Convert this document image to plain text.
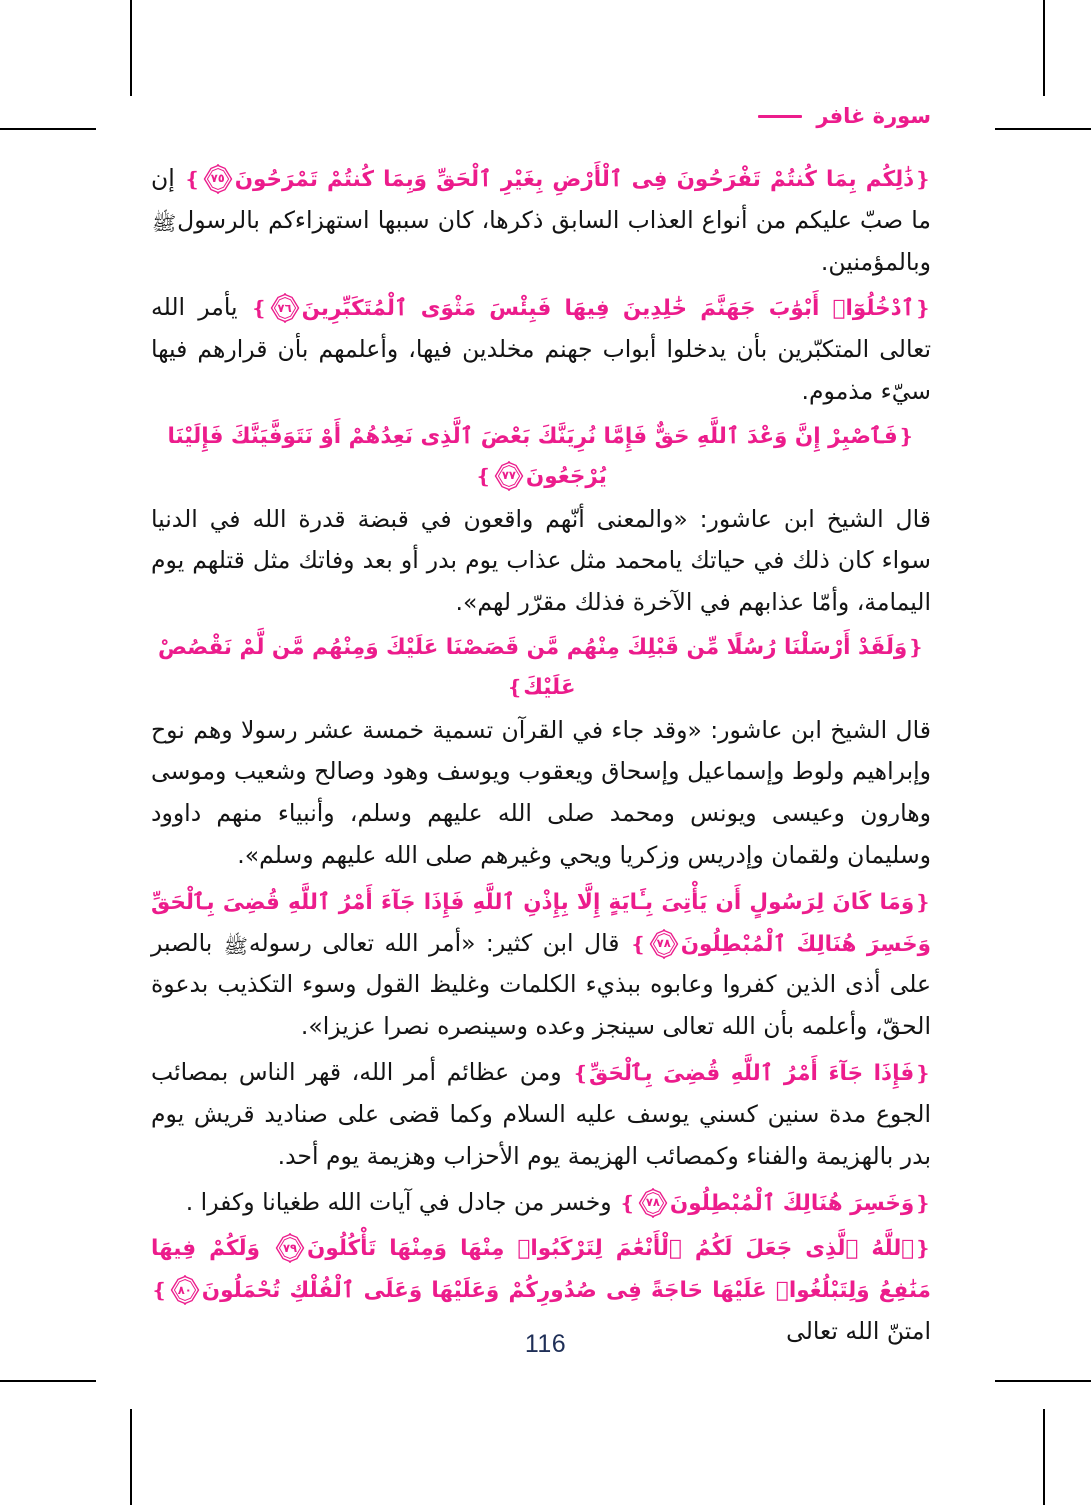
سورة غافر

❴ذَٰلِكُم بِمَا كُنتُمْ تَفْرَحُونَ فِى ٱلْأَرْضِ بِغَيْرِ ٱلْحَقِّ وَبِمَا كُنتُمْ تَمْرَحُونَ
٧٥
❵ إن ما صبّ عليكم من أنواع العذاب السابق ذكرها، كان سببها استهزاءكم بالرسولﷺ وبالمؤمنين.

❴ٱدْخُلُوٓا۟ أَبْوَٰبَ جَهَنَّمَ خَٰلِدِينَ فِيهَا فَبِئْسَ مَثْوَى ٱلْمُتَكَبِّرِينَ
٧٦
❵ يأمر الله تعالى المتكبّرين بأن يدخلوا أبواب جهنم مخلدين فيها، وأعلمهم بأن قرارهم فيها سيّء مذموم.

❴فَٱصْبِرْ إِنَّ وَعْدَ ٱللَّهِ حَقٌّ فَإِمَّا نُرِيَنَّكَ بَعْضَ ٱلَّذِى نَعِدُهُمْ أَوْ نَتَوَفَّيَنَّكَ فَإِلَيْنَا يُرْجَعُونَ
٧٧
❵
قال الشيخ ابن عاشور: «والمعنى أنّهم واقعون في قبضة قدرة الله في الدنيا سواء كان ذلك في حياتك يامحمد مثل عذاب يوم بدر أو بعد وفاتك مثل قتلهم يوم اليمامة، وأمّا عذابهم في الآخرة فذلك مقرّر لهم».

❴وَلَقَدْ أَرْسَلْنَا رُسُلًا مِّن قَبْلِكَ مِنْهُم مَّن قَصَصْنَا عَلَيْكَ وَمِنْهُم مَّن لَّمْ نَقْصُصْ عَلَيْكَ❵
قال الشيخ ابن عاشور: «وقد جاء في القرآن تسمية خمسة عشر رسولا وهم نوح وإبراهيم ولوط وإسماعيل وإسحاق ويعقوب ويوسف وهود وصالح وشعيب وموسى وهارون وعيسى ويونس ومحمد صلى الله عليهم وسلم، وأنبياء منهم داوود وسليمان ولقمان وإدريس وزكريا ويحي وغيرهم صلى الله عليهم وسلم».

❴وَمَا كَانَ لِرَسُولٍ أَن يَأْتِىَ بِـَٔايَةٍ إِلَّا بِإِذْنِ ٱللَّهِ فَإِذَا جَآءَ أَمْرُ ٱللَّهِ قُضِىَ بِٱلْحَقِّ وَخَسِرَ هُنَالِكَ ٱلْمُبْطِلُونَ
٧٨
❵ قال ابن كثير: «أمر الله تعالى رسولهﷺ بالصبر على أذى الذين كفروا وعابوه ببذيء الكلمات وغليظ القول وسوء التكذيب بدعوة الحقّ، وأعلمه بأن الله تعالى سينجز وعده وسينصره نصرا عزيزا».

❴فَإِذَا جَآءَ أَمْرُ ٱللَّهِ قُضِىَ بِٱلْحَقِّ❵ ومن عظائم أمر الله، قهر الناس بمصائب الجوع مدة سنين كسني يوسف عليه السلام وكما قضى على صناديد قريش يوم بدر بالهزيمة والفناء وكمصائب الهزيمة يوم الأحزاب وهزيمة يوم أحد.

❴وَخَسِرَ هُنَالِكَ ٱلْمُبْطِلُونَ
٧٨
❵ وخسر من جادل في آيات الله طغيانا وكفرا .

❴ٱللَّهُ ٱلَّذِى جَعَلَ لَكُمُ ٱلْأَنْعَٰمَ لِتَرْكَبُوا۟ مِنْهَا وَمِنْهَا تَأْكُلُونَ
٧٩
وَلَكُمْ فِيهَا مَنَٰفِعُ وَلِتَبْلُغُوا۟ عَلَيْهَا حَاجَةً فِى صُدُورِكُمْ وَعَلَيْهَا وَعَلَى ٱلْفُلْكِ تُحْمَلُونَ
٨٠
❵ امتنّ الله تعالى

116
